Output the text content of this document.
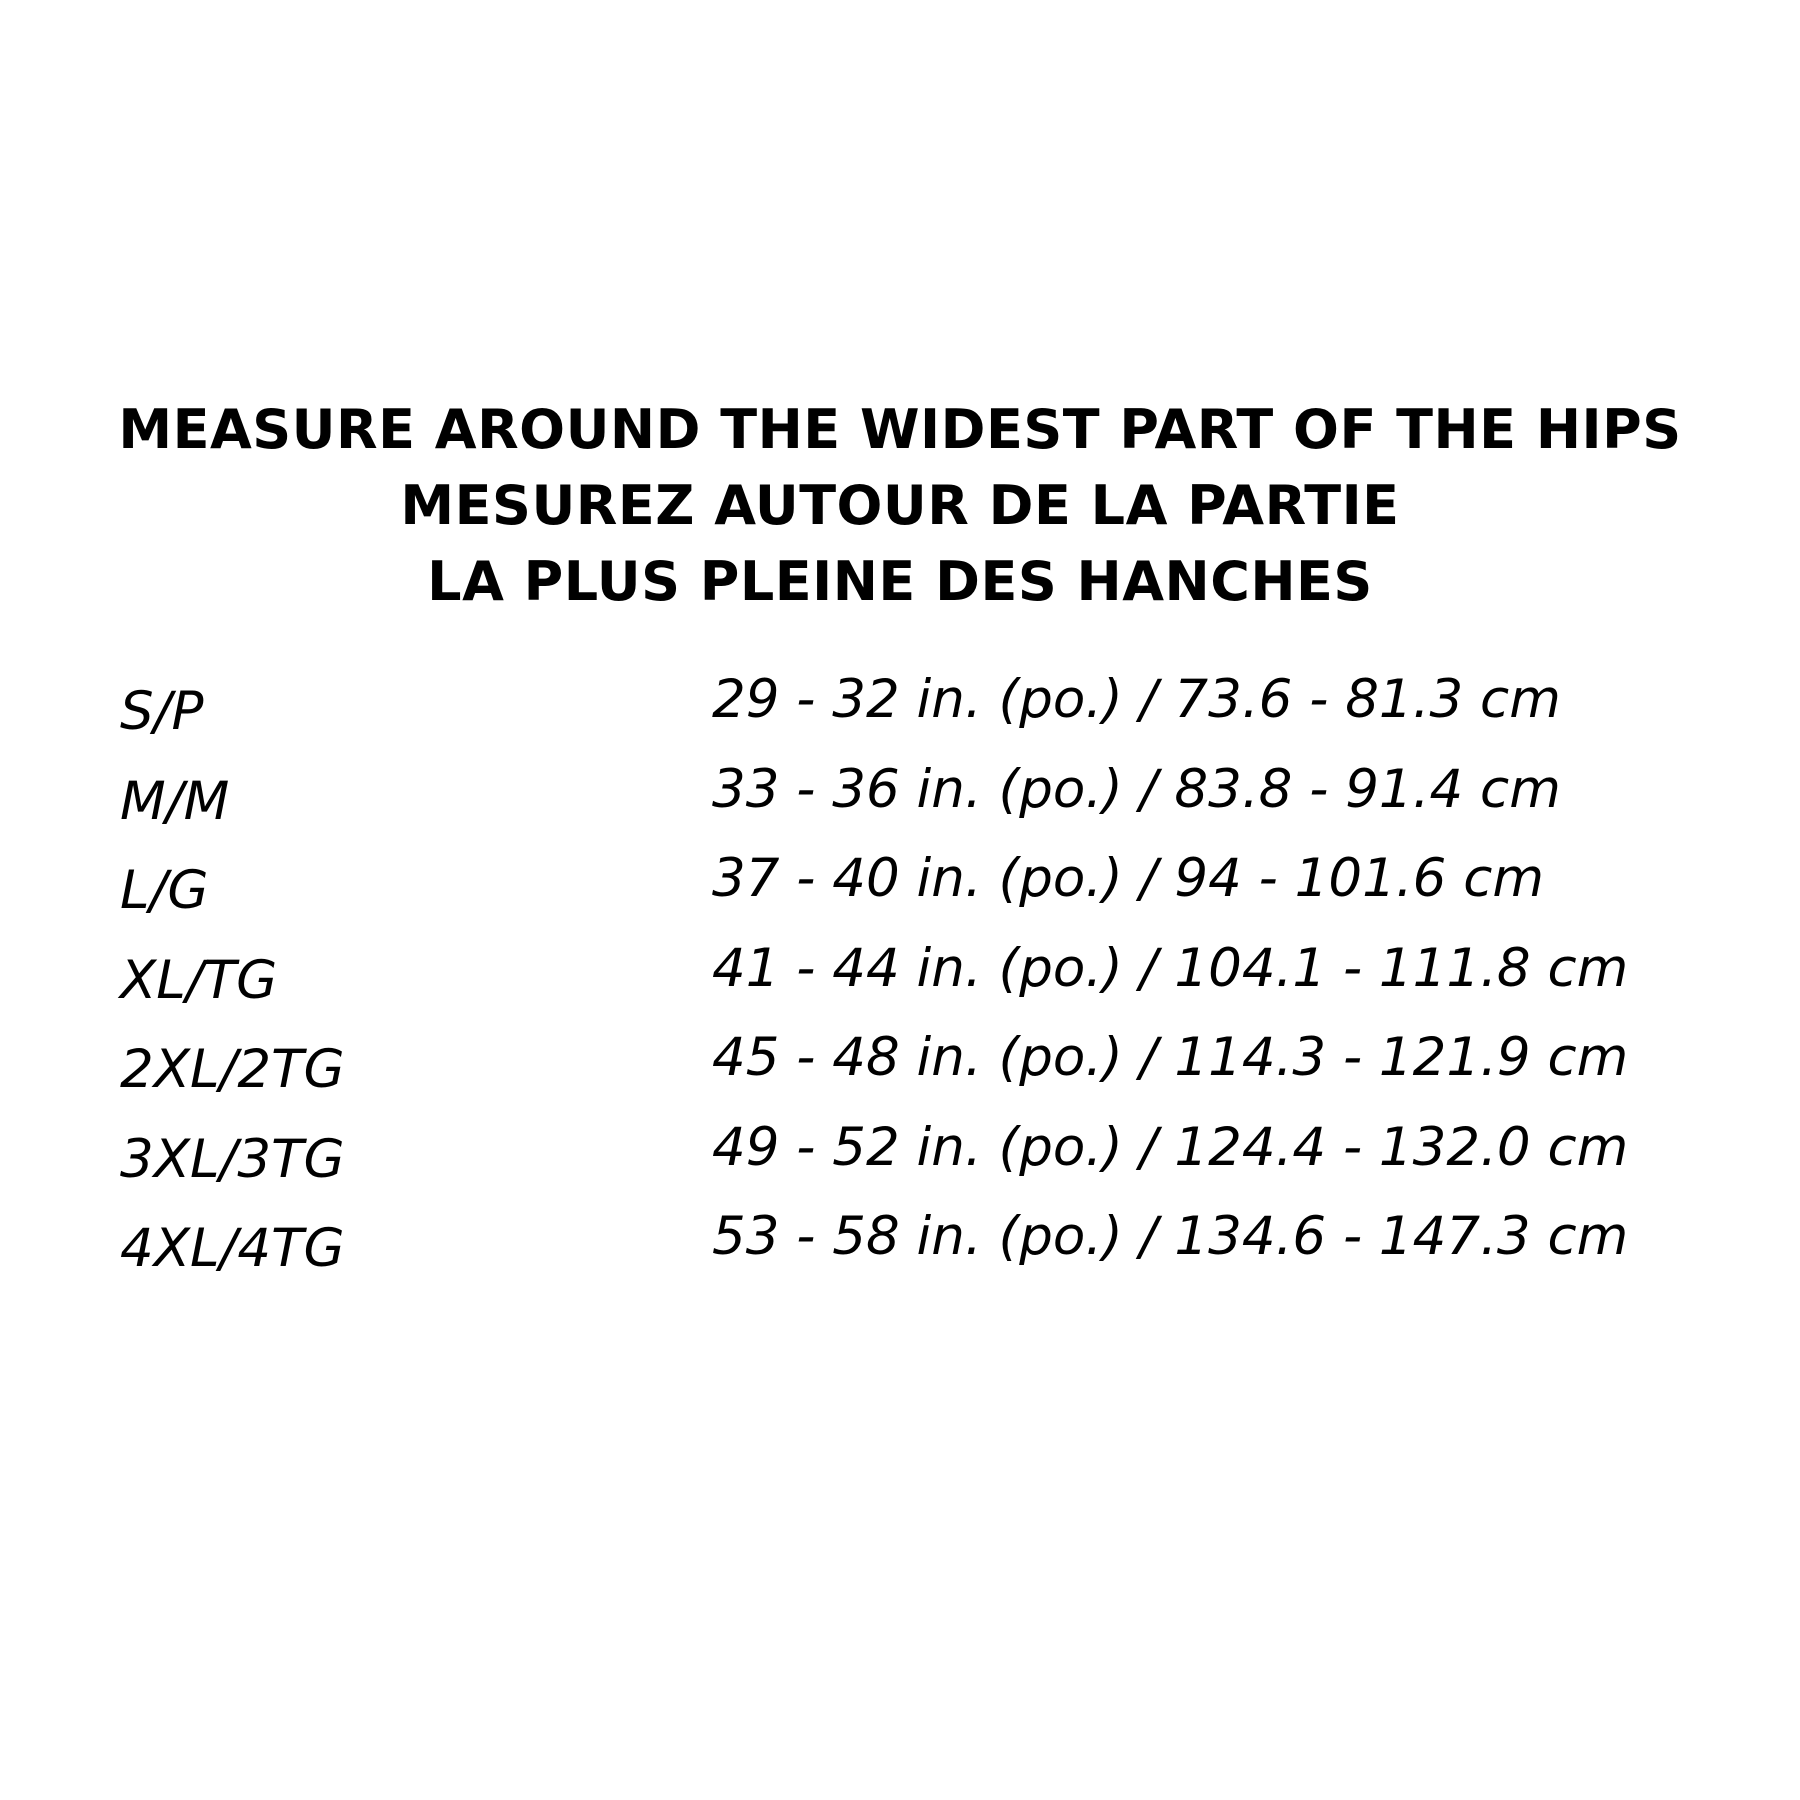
MEASURE AROUND THE WIDEST PART OF THE HIPS
MESUREZ AUTOUR DE LA PARTIE
LA PLUS PLEINE DES HANCHES
S/P	29 - 32 in. (po.) / 73.6 - 81.3 cm
M/M	33 - 36 in. (po.) / 83.8 - 91.4 cm
L/G	37 - 40 in. (po.) / 94 - 101.6 cm
XL/TG	41 - 44 in. (po.) / 104.1 - 111.8 cm
2XL/2TG	45 - 48 in. (po.) / 114.3 - 121.9 cm
3XL/3TG	49 - 52 in. (po.) / 124.4 - 132.0 cm
4XL/4TG	53 - 58 in. (po.) / 134.6 - 147.3 cm
